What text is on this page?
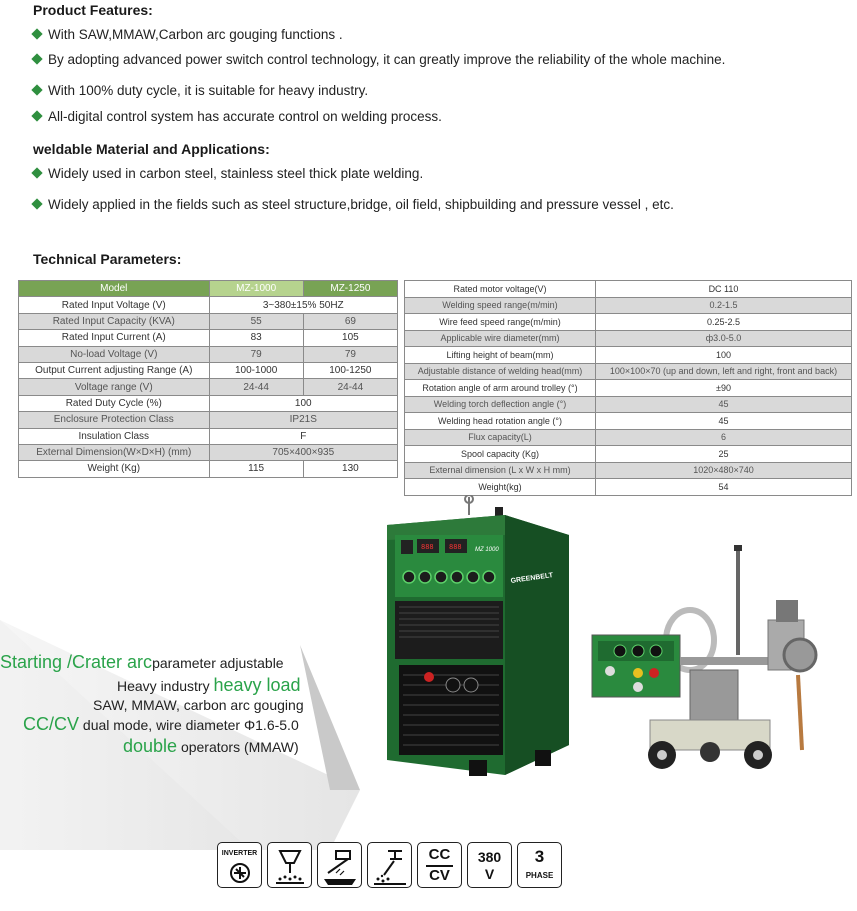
Product Features:
With SAW,MMAW,Carbon arc gouging functions .
By adopting advanced power switch control technology, it can greatly improve the reliability of the whole machine.
With 100% duty cycle, it is suitable for heavy industry.
All-digital control system has accurate control on welding process.
weldable Material and Applications:
Widely used in carbon steel, stainless steel thick plate welding.
Widely applied in the fields such as steel structure,bridge, oil field, shipbuilding and pressure vessel , etc.
Technical Parameters:
Model	MZ-1000	MZ-1250
Rated Input Voltage (V)	3~380±15% 50HZ	
Rated Input Capacity (KVA)	55	69
Rated Input Current (A)	83	105
No-load Voltage (V)	79	79
Output Current adjusting Range (A)	100-1000	100-1250
Voltage range (V)	24-44	24-44
Rated Duty Cycle (%)	100	
Enclosure Protection Class	IP21S	
Insulation Class	F	
External Dimension(W×D×H) (mm)	705×400×935	
Weight (Kg)	115	130
Rated motor voltage(V)	DC 110
Welding speed range(m/min)	0.2-1.5
Wire feed speed range(m/min)	0.25-2.5
Applicable wire diameter(mm)	ф3.0-5.0
Lifting height of beam(mm)	100
Adjustable distance of welding head(mm)	100×100×70 (up and down, left and right, front and back)
Rotation angle of arm around trolley (°)	±90
Welding torch deflection angle (°)	45
Welding head rotation angle (°)	45
Flux capacity(L)	6
Spool capacity (Kg)	25
External dimension (L x W x H mm)	1020×480×740
Weight(kg)	54
Starting /Crater arcparameter adjustable
Heavy industry heavy load
SAW, MMAW, carbon arc gouging
CC/CV dual mode, wire diameter Φ1.6-5.0
double operators (MMAW)
888 888 MZ 1000
GREENBELT
INVERTER	CC
CV
380
V
3
PHASE
